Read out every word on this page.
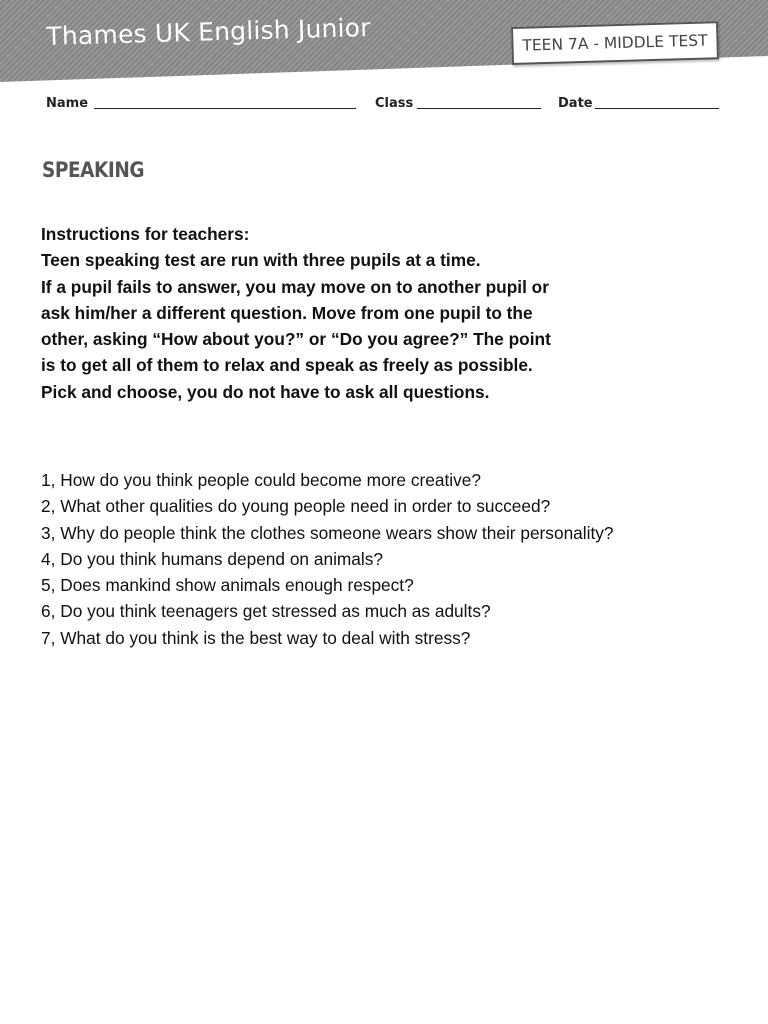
Thames UK English Junior	TEEN 7A - MIDDLE TEST
Name	Class	Date
SPEAKING
Instructions for teachers:
Teen speaking test are run with three pupils at a time.
If a pupil fails to answer, you may move on to another pupil or
ask him/her a different question. Move from one pupil to the
other, asking “How about you?” or “Do you agree?” The point
is to get all of them to relax and speak as freely as possible.
Pick and choose, you do not have to ask all questions.
1, How do you think people could become more creative?
2, What other qualities do young people need in order to succeed?
3, Why do people think the clothes someone wears show their personality?
4, Do you think humans depend on animals?
5, Does mankind show animals enough respect?
6, Do you think teenagers get stressed as much as adults?
7, What do you think is the best way to deal with stress?
